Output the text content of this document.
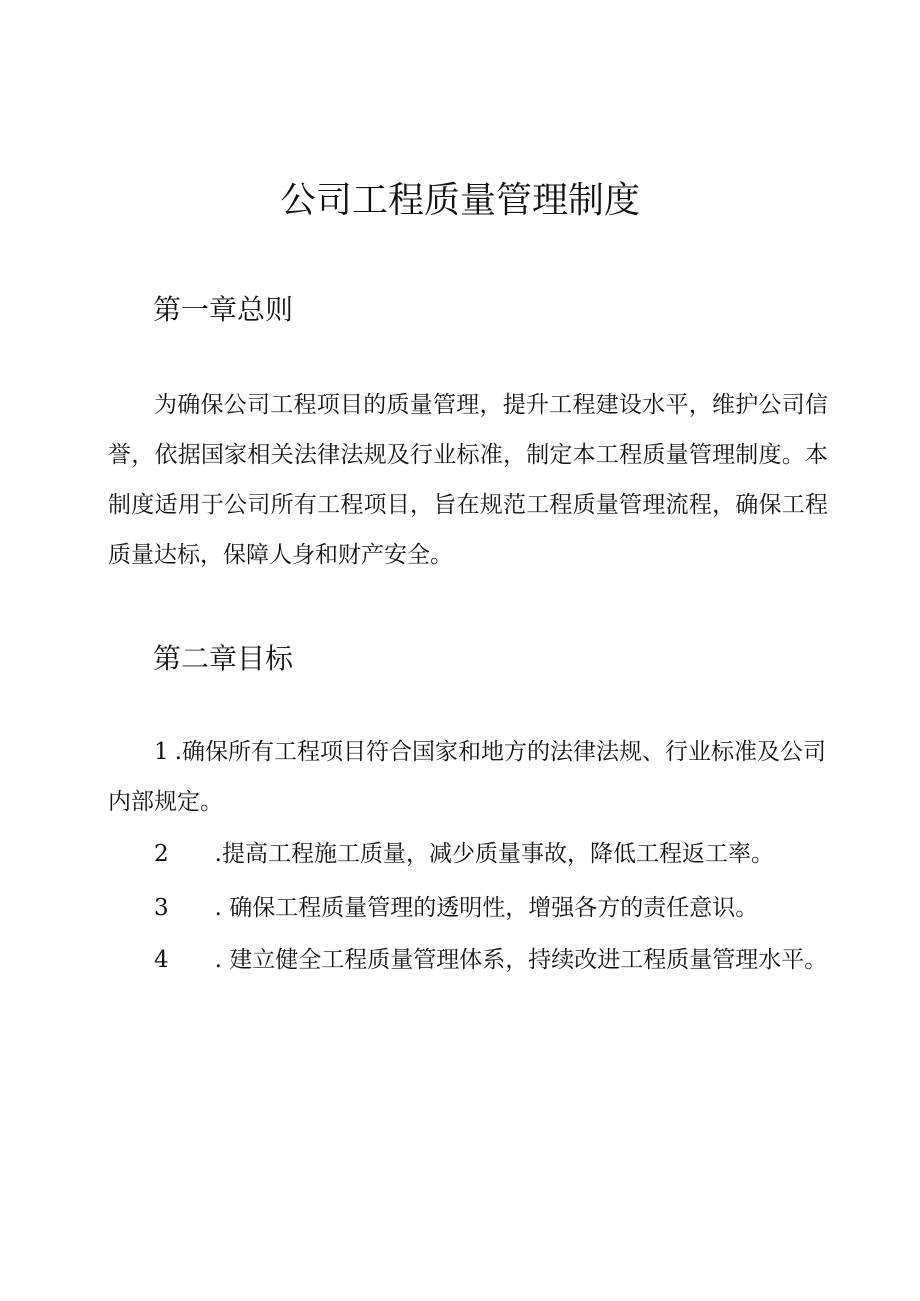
公司工程质量管理制度
第一章总则

为确保公司工程项目的质量管理，提升工程建设水平，维护公司信誉，依据国家相关法律法规及行业标准，制定本工程质量管理制度。本制度适用于公司所有工程项目，旨在规范工程质量管理流程，确保工程质量达标，保障人身和财产安全。

第二章目标

1 .确保所有工程项目符合国家和地方的法律法规、行业标准及公司内部规定。

2 .提高工程施工质量，减少质量事故，降低工程返工率。

3 . 确保工程质量管理的透明性，增强各方的责任意识。

4 . 建立健全工程质量管理体系，持续改进工程质量管理水平。
